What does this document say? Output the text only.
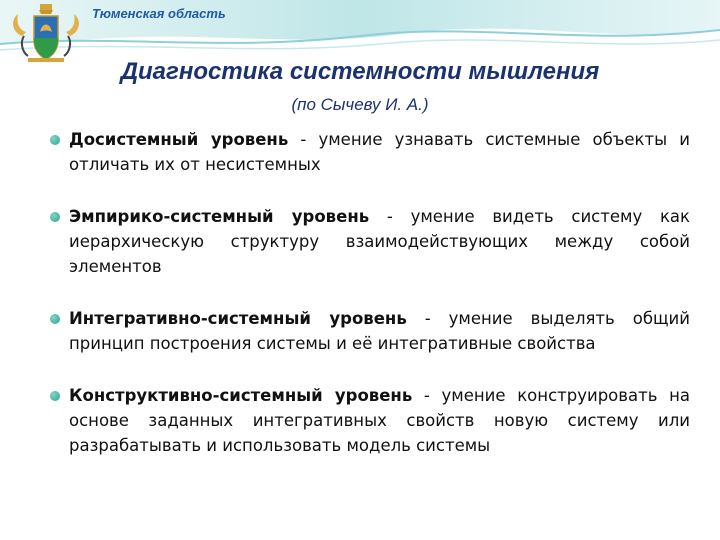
Тюменская область
Диагностика системности мышления
(по Сычеву И. А.)
Досистемный уровень - умение узнавать системные объекты и отличать их от несистемных
Эмпирико-системный уровень - умение видеть систему как иерархическую структуру взаимодействующих между собой элементов
Интегративно-системный уровень - умение выделять общий принцип построения системы и её интегративные свойства
Конструктивно-системный уровень - умение конструировать на основе заданных интегративных свойств новую систему или разрабатывать и использовать модель системы
